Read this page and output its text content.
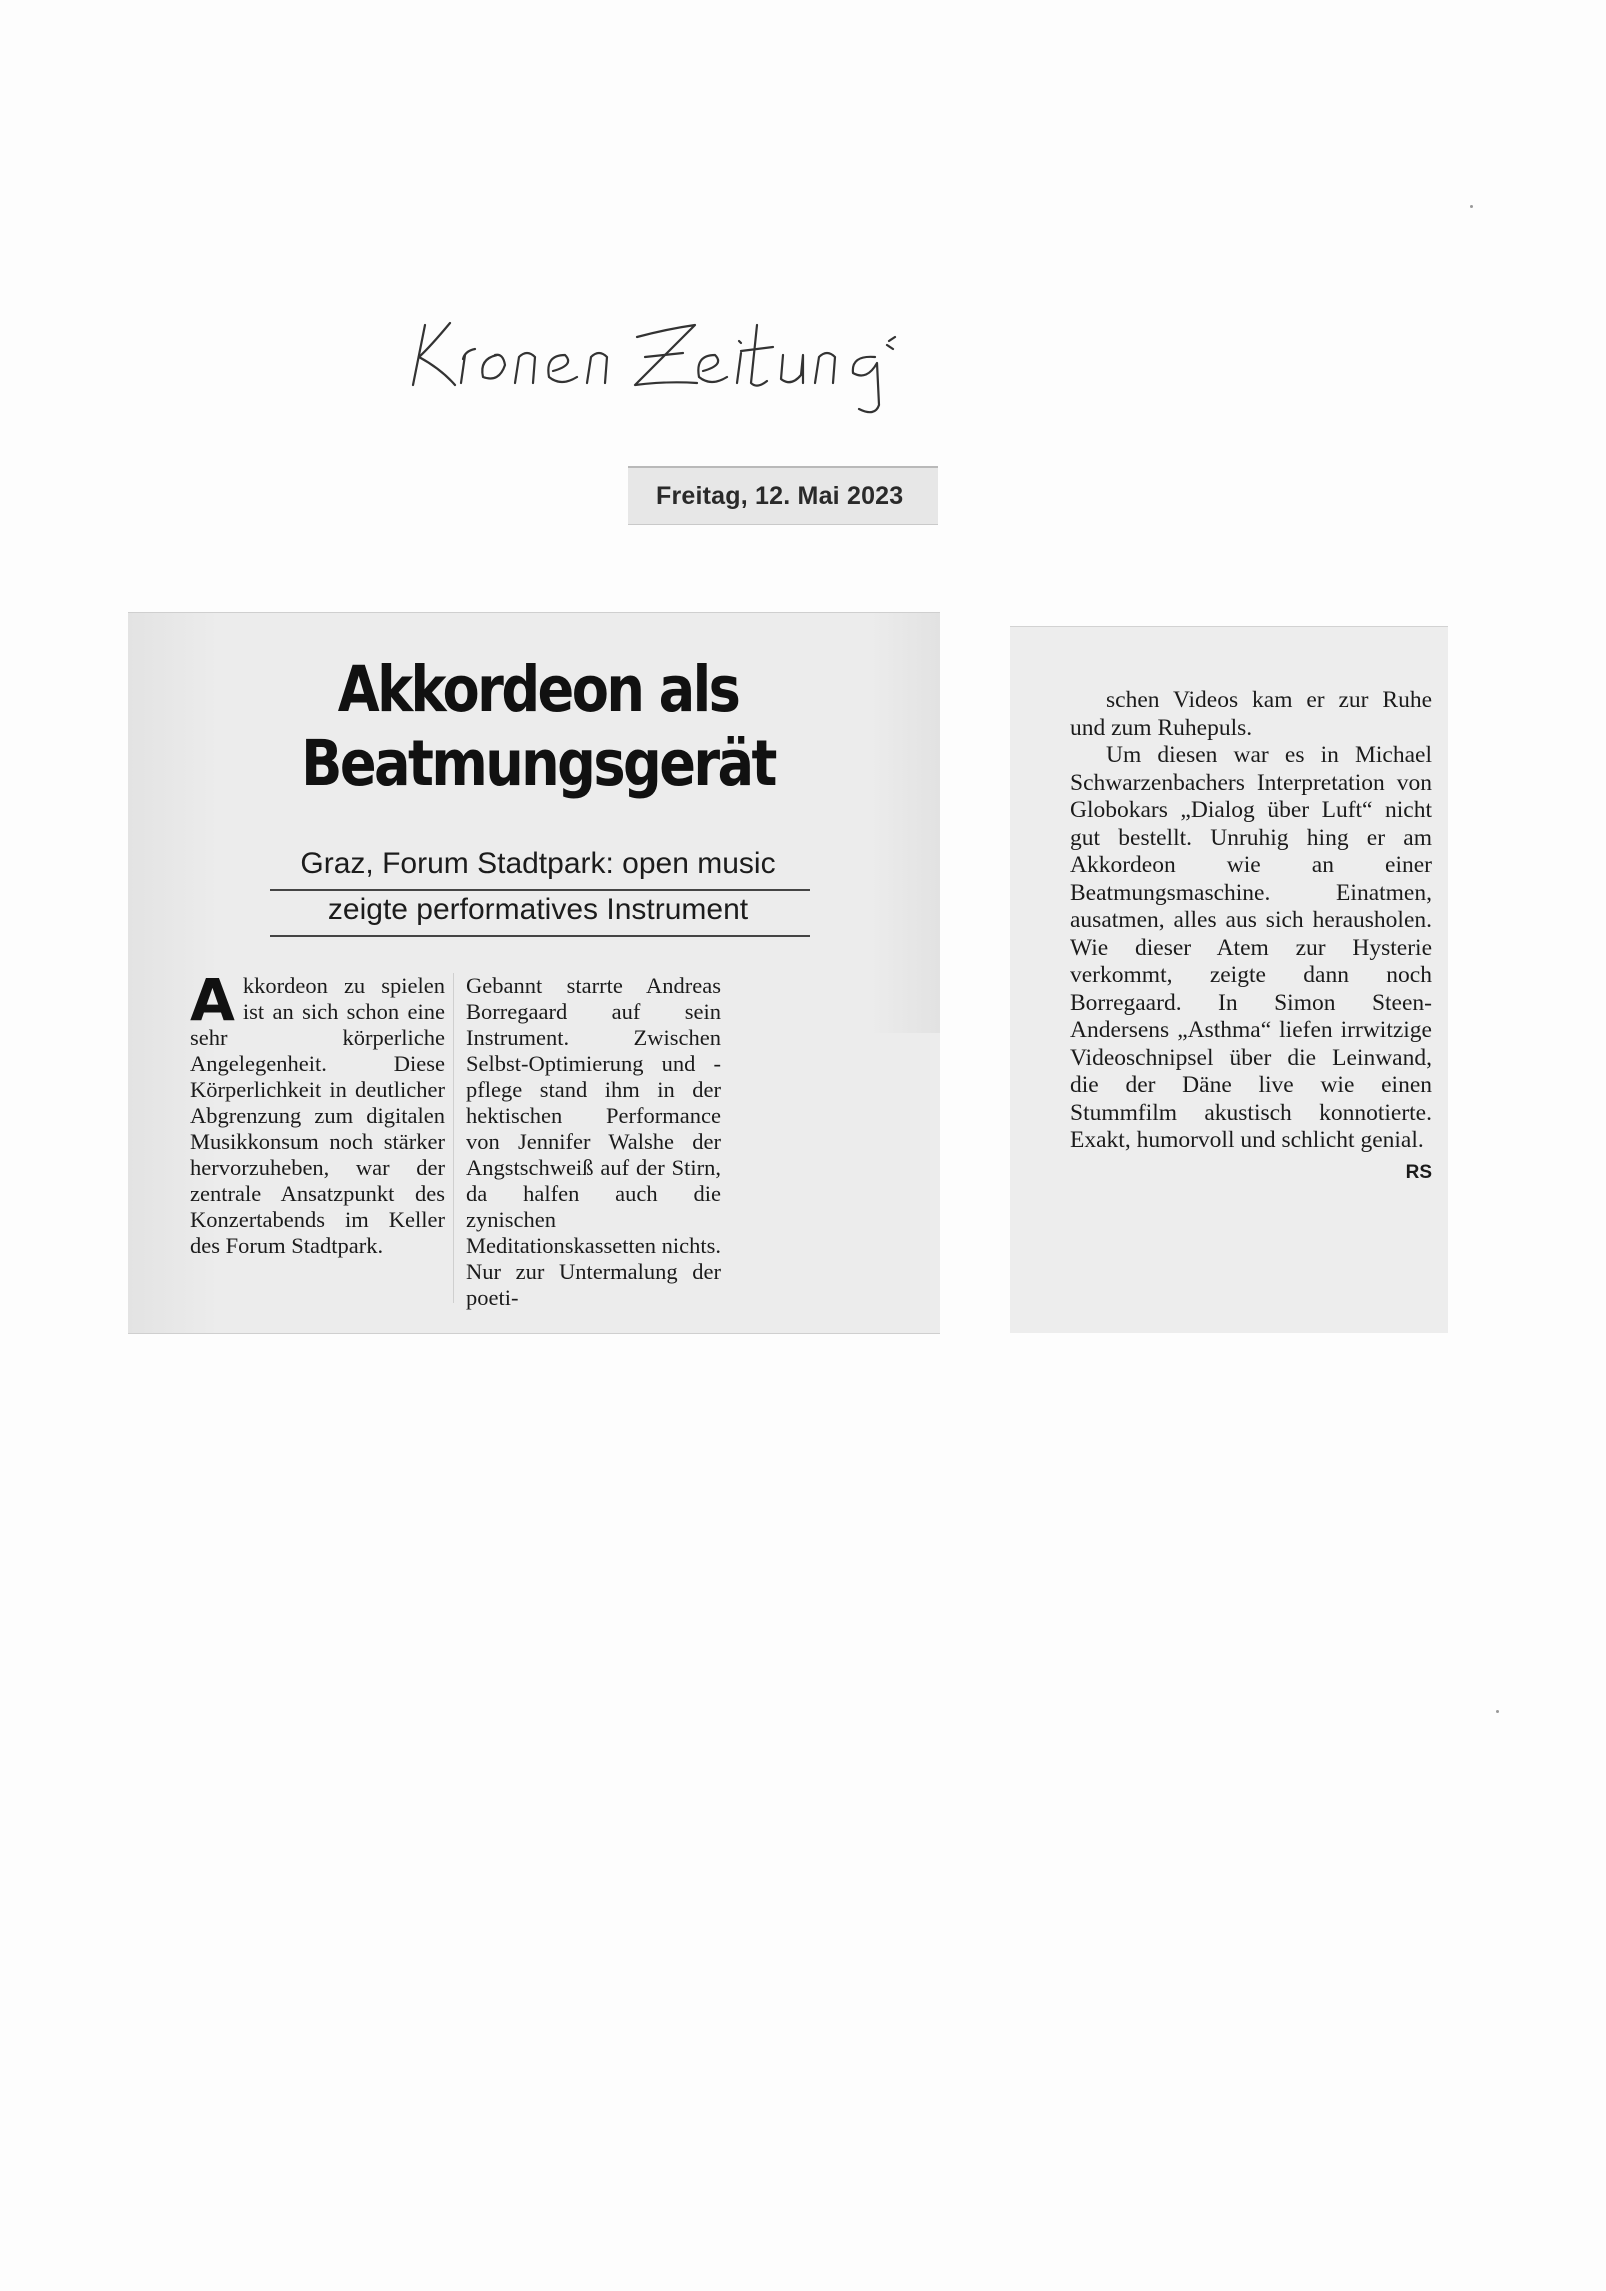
Freitag, 12. Mai 2023
Akkordeon als
Beatmungsgerät
Graz, Forum Stadtpark: open music
zeigte performatives Instrument
Akkordeon zu spielen ist an sich schon eine sehr körperliche Angelegenheit. Diese Körperlichkeit in deutlicher Abgrenzung zum digitalen Musikkonsum noch stärker hervorzuheben, war der zentrale Ansatzpunkt des Konzertabends im Keller des Forum Stadtpark.
Gebannt starrte Andreas Borregaard auf sein Instrument. Zwischen Selbst-Optimierung und -pflege stand ihm in der hektischen Performance von Jennifer Walshe der Angstschweiß auf der Stirn, da halfen auch die zynischen Meditationskassetten nichts. Nur zur Untermalung der poeti-
schen Videos kam er zur Ruhe und zum Ruhepuls.
Um diesen war es in Michael Schwarzenbachers Interpretation von Globokars „Dialog über Luft“ nicht gut bestellt. Unruhig hing er am Akkordeon wie an einer Beatmungsmaschine. Einatmen, ausatmen, alles aus sich herausholen. Wie dieser Atem zur Hysterie verkommt, zeigte dann noch Borregaard. In Simon Steen-Andersens „Asthma“ liefen irrwitzige Videoschnipsel über die Leinwand, die der Däne live wie einen Stummfilm akustisch konnotierte. Exakt, humorvoll und schlicht genial.
RS
